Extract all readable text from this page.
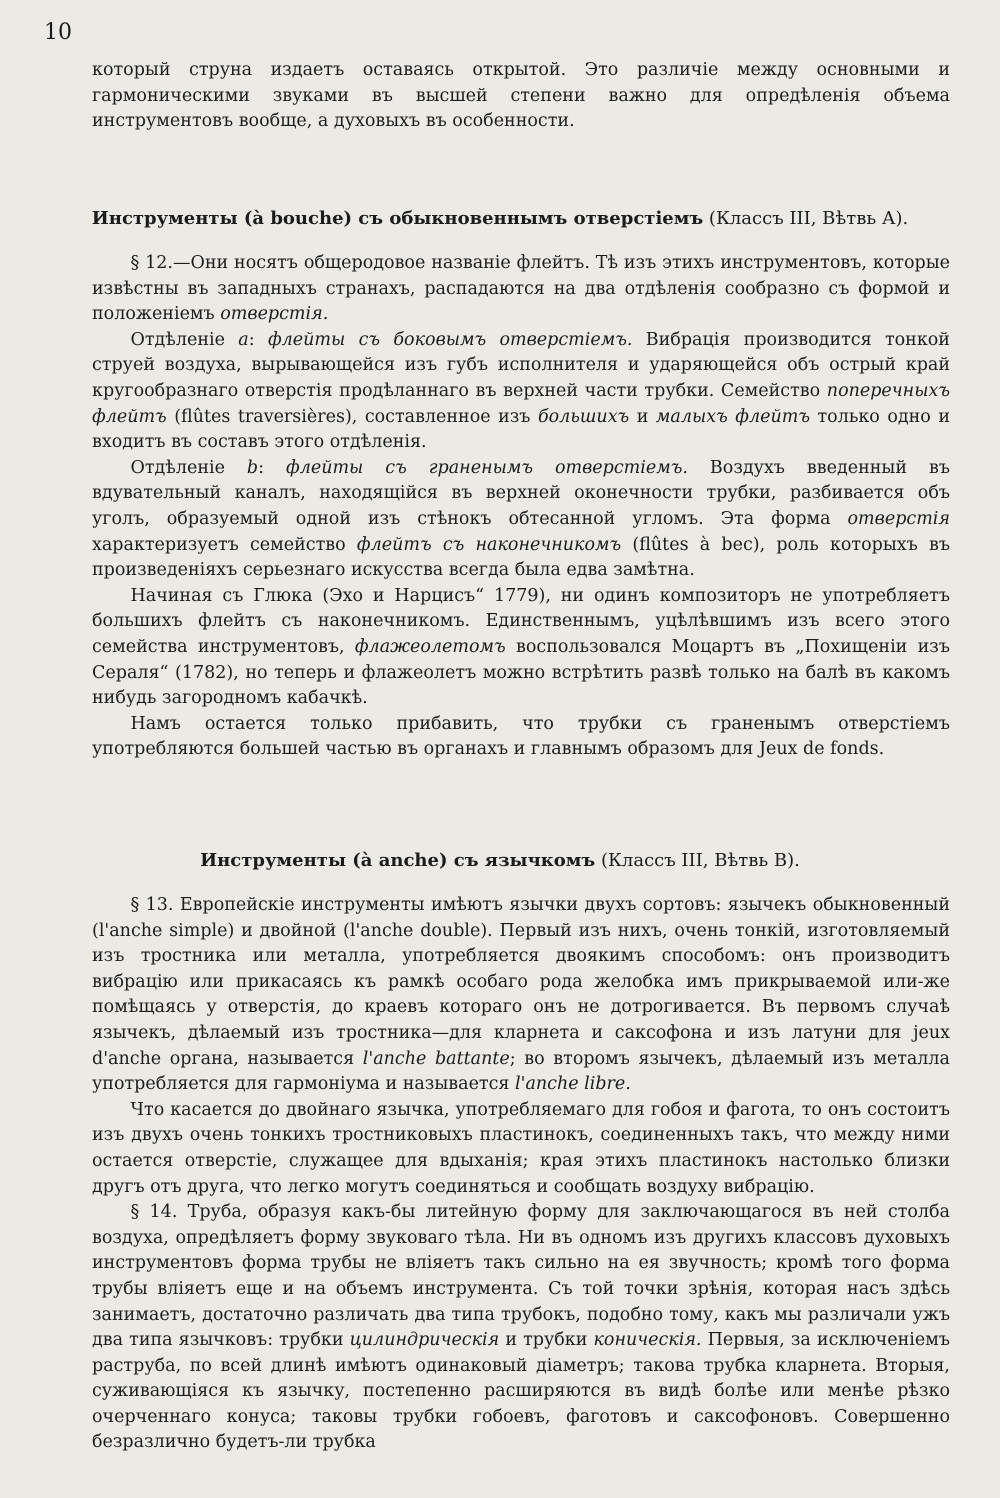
10

который струна издаетъ оставаясь открытой. Это различіе между основными и гармоническими звуками въ высшей степени важно для опредѣленія объема инструментовъ вообще, а духовыхъ въ особенности.

Инструменты (à bouche) съ обыкновеннымъ отверстіемъ (Классъ III, Вѣтвь А).

§ 12.—Они носятъ общеродовое названіе флейтъ. Тѣ изъ этихъ инструментовъ, которые извѣстны въ западныхъ странахъ, распадаются на два отдѣленія сообразно съ формой и положеніемъ отверстія.

Отдѣленіе a: флейты съ боковымъ отверстіемъ. Вибрація производится тонкой струей воздуха, вырывающейся изъ губъ исполнителя и ударяющейся объ острый край кругообразнаго отверстія продѣланнаго въ верхней части трубки. Семейство поперечныхъ флейтъ (flûtes traversières), составленное изъ большихъ и малыхъ флейтъ только одно и входитъ въ составъ этого отдѣленія.

Отдѣленіе b: флейты съ граненымъ отверстіемъ. Воздухъ введенный въ вдувательный каналъ, находящійся въ верхней оконечности трубки, разбивается объ уголъ, образуемый одной изъ стѣнокъ обтесанной угломъ. Эта форма отверстія характеризуетъ семейство флейтъ съ наконечникомъ (flûtes à bec), роль которыхъ въ произведеніяхъ серьезнаго искусства всегда была едва замѣтна.

Начиная съ Глюка (Эхо и Нарцисъ“ 1779), ни одинъ композиторъ не употребляетъ большихъ флейтъ съ наконечникомъ. Единственнымъ, уцѣлѣвшимъ изъ всего этого семейства инструментовъ, флажеолетомъ воспользовался Моцартъ въ „Похищеніи изъ Сераля“ (1782), но теперь и флажеолетъ можно встрѣтить развѣ только на балѣ въ какомъ нибудь загородномъ кабачкѣ.

Намъ остается только прибавить, что трубки съ граненымъ отверстіемъ употребляются большей частью въ органахъ и главнымъ образомъ для Jeux de fonds.

Инструменты (à anche) съ язычкомъ (Классъ III, Вѣтвь В).

§ 13. Европейскіе инструменты имѣютъ язычки двухъ сортовъ: язычекъ обыкновенный (l'anche simple) и двойной (l'anche double). Первый изъ нихъ, очень тонкій, изготовляемый изъ тростника или металла, употребляется двоякимъ способомъ: онъ производитъ вибрацію или прикасаясь къ рамкѣ особаго рода желобка имъ прикрываемой или-же помѣщаясь у отверстія, до краевъ котораго онъ не дотрогивается. Въ первомъ случаѣ язычекъ, дѣлаемый изъ тростника—для кларнета и саксофона и изъ латуни для jeux d'anche органа, называется l'anche battante; во второмъ язычекъ, дѣлаемый изъ металла употребляется для гармоніума и называется l'anche libre.

Что касается до двойнаго язычка, употребляемаго для гобоя и фагота, то онъ состоитъ изъ двухъ очень тонкихъ тростниковыхъ пластинокъ, соединенныхъ такъ, что между ними остается отверстіе, служащее для вдыханія; края этихъ пластинокъ настолько близки другъ отъ друга, что легко могутъ соединяться и сообщать воздуху вибрацію.

§ 14. Труба, образуя какъ-бы литейную форму для заключающагося въ ней столба воздуха, опредѣляетъ форму звуковаго тѣла. Ни въ одномъ изъ другихъ классовъ духовыхъ инструментовъ форма трубы не вліяетъ такъ сильно на ея звучность; кромѣ того форма трубы вліяетъ еще и на объемъ инструмента. Съ той точки зрѣнія, которая насъ здѣсь занимаетъ, достаточно различать два типа трубокъ, подобно тому, какъ мы различали ужъ два типа язычковъ: трубки цилиндрическія и трубки коническія. Первыя, за исключеніемъ раструба, по всей длинѣ имѣютъ одинаковый діаметръ; такова трубка кларнета. Вторыя, суживающіяся къ язычку, постепенно расширяются въ видѣ болѣе или менѣе рѣзко очерченнаго конуса; таковы трубки гобоевъ, фаготовъ и саксофоновъ. Совершенно безразлично будетъ-ли трубка
